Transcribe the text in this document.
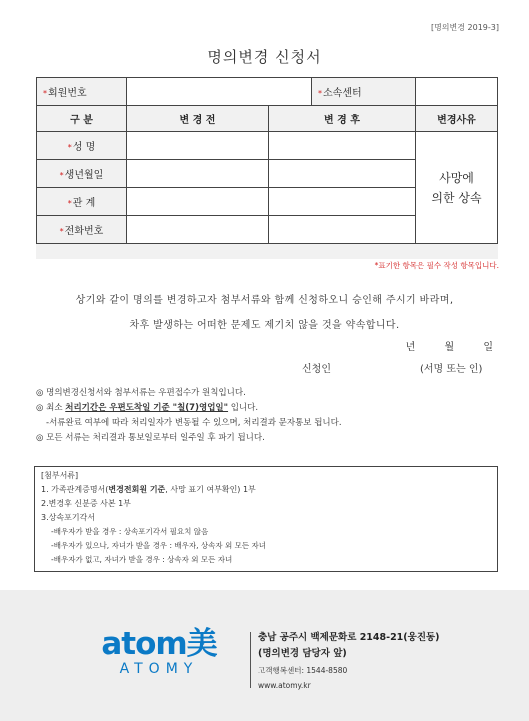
[명의변경 2019-3]
명의변경 신청서
*회원번호			*소속센터	
구 분	변 경 전	변 경 후		변경사유
*성 명				사망에
의한 상속

*생년월일				
*관 계				
*전화번호				
*표기한 항목은 필수 작성 항목입니다.
상기와 같이 명의를 변경하고자 첨부서류와 함께 신청하오니 승인해 주시기 바라며,
차후 발생하는 어떠한 문제도 제기치 않을 것을 약속합니다.
년 월 일
신청인	(서명 또는 인)
◎ 명의변경신청서와 첨부서류는 우편접수가 원칙입니다.
◎ 최소 처리기간은 우편도착일 기준 "칠(7)영업일" 입니다.
-서류완료 여부에 따라 처리일자가 변동될 수 있으며, 처리결과 문자통보 됩니다.
◎ 모든 서류는 처리결과 통보일로부터 일주일 후 파기 됩니다.
[첨부서류]
1. 가족관계증명서(변경전회원 기준, 사망 표기 여부확인) 1부
2.변경후 신분증 사본 1부
3.상속포기각서
-배우자가 받을 경우 : 상속포기각서 필요치 않음
-배우자가 있으나, 자녀가 받을 경우 : 배우자, 상속자 외 모든 자녀
-배우자가 없고, 자녀가 받을 경우 : 상속자 외 모든 자녀
atom美
ATOMY
충남 공주시 백제문화로 2148-21(웅진동)
(명의변경 담당자 앞)
고객행복센터: 1544-8580
www.atomy.kr
